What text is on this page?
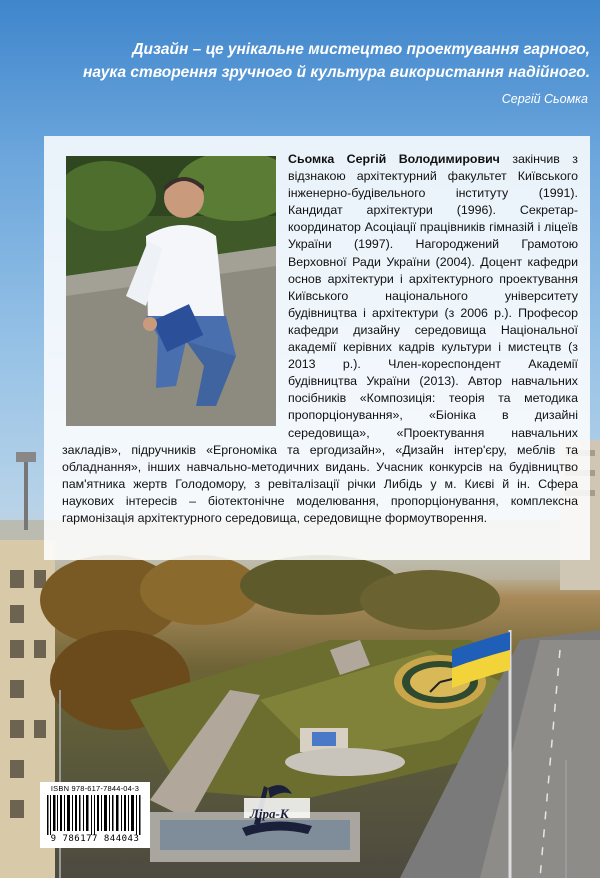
Дизайн – це унікальне мистецтво проектування гарного,
наука створення зручного й культура використання надійного.
Сергій Сьомка

Сьомка Сергій Володимирович закінчив з відзнакою архітектурний факультет Київського інженерно-будівельного інституту (1991). Кандидат архітектури (1996). Секретар-координатор Асоціації працівників гімназій і ліцеїв України (1997). Нагороджений Грамотою Верховної Ради України (2004). Доцент кафедри основ архітектури і архітектурного проектування Київського національного університету будівництва і архітектури (з 2006 р.). Професор кафедри дизайну середовища Національної академії керівних кадрів культури і мистецтв (з 2013 р.). Член-кореспондент Академії будівництва України (2013). Автор навчальних посібників «Композиція: теорія та методика пропорціонування», «Біоніка в дизайні середовища», «Проектування навчальних закладів», підручників «Ергономіка та ергодизайн», «Дизайн інтер'єру, меблів та обладнання», інших навчально-методичних видань. Учасник конкурсів на будівництво пам'ятника жертв Голодомору, з ревіталізації річки Либідь у м. Києві й ін. Сфера наукових інтересів – біотектонічне моделювання, пропорціонування, комплексна гармонізація архітектурного середовища, середовищне формоутворення.

ISBN 978-617-7844-04-3
9 786177 844043
Ліра-К
